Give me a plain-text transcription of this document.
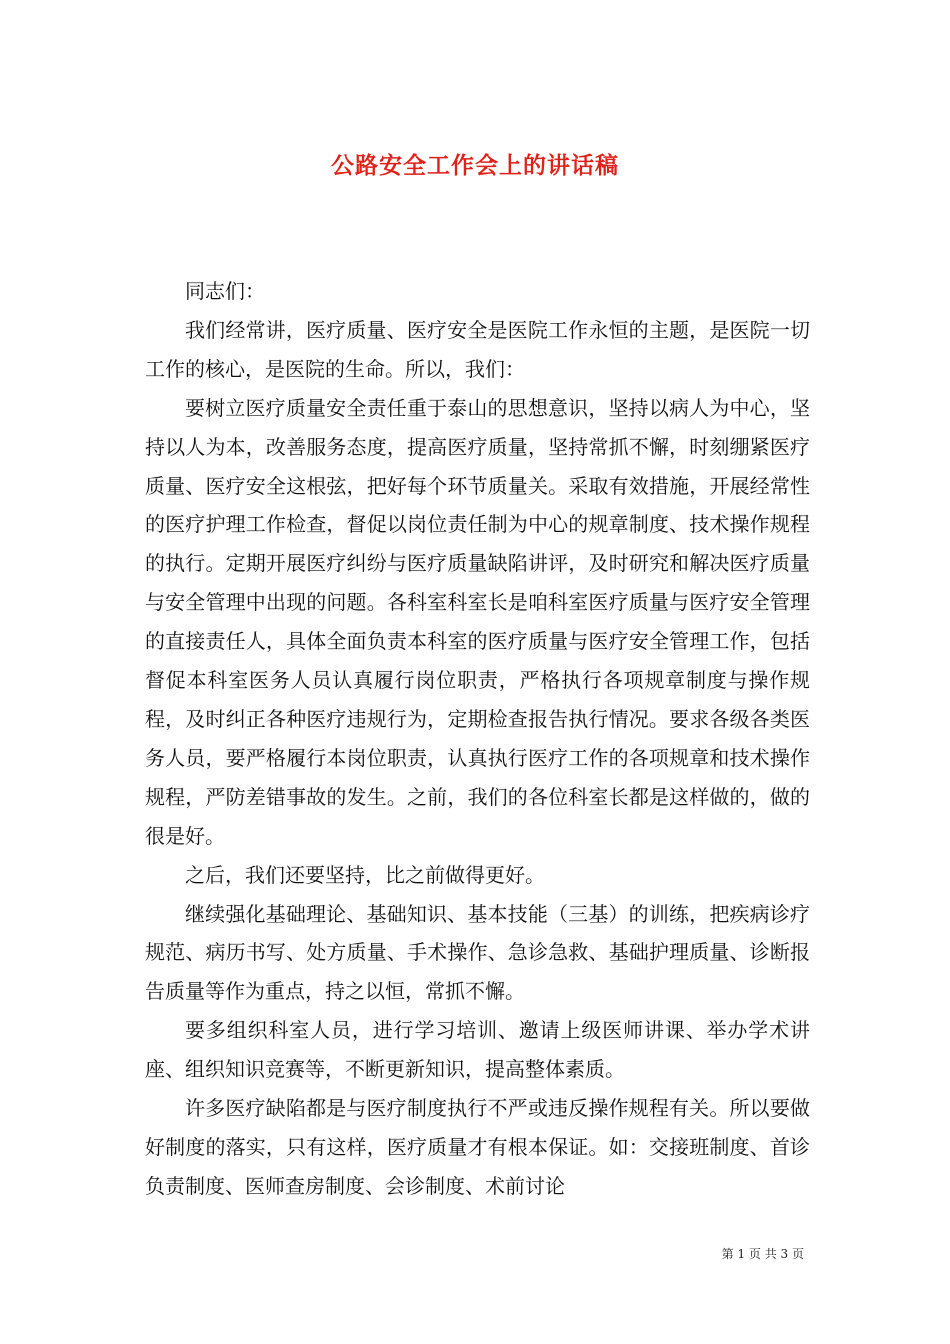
公路安全工作会上的讲话稿

同志们：

我们经常讲，医疗质量、医疗安全是医院工作永恒的主题，是医院一切工作的核心，是医院的生命。所以，我们：

要树立医疗质量安全责任重于泰山的思想意识，坚持以病人为中心，坚持以人为本，改善服务态度，提高医疗质量，坚持常抓不懈，时刻绷紧医疗质量、医疗安全这根弦，把好每个环节质量关。采取有效措施，开展经常性的医疗护理工作检查，督促以岗位责任制为中心的规章制度、技术操作规程的执行。定期开展医疗纠纷与医疗质量缺陷讲评，及时研究和解决医疗质量与安全管理中出现的问题。各科室科室长是咱科室医疗质量与医疗安全管理的直接责任人，具体全面负责本科室的医疗质量与医疗安全管理工作，包括督促本科室医务人员认真履行岗位职责，严格执行各项规章制度与操作规程，及时纠正各种医疗违规行为，定期检查报告执行情况。要求各级各类医务人员，要严格履行本岗位职责，认真执行医疗工作的各项规章和技术操作规程，严防差错事故的发生。之前，我们的各位科室长都是这样做的，做的很是好。

之后，我们还要坚持，比之前做得更好。

继续强化基础理论、基础知识、基本技能（三基）的训练，把疾病诊疗规范、病历书写、处方质量、手术操作、急诊急救、基础护理质量、诊断报告质量等作为重点，持之以恒，常抓不懈。

要多组织科室人员，进行学习培训、邀请上级医师讲课、举办学术讲座、组织知识竞赛等，不断更新知识，提高整体素质。

许多医疗缺陷都是与医疗制度执行不严或违反操作规程有关。所以要做好制度的落实，只有这样，医疗质量才有根本保证。如：交接班制度、首诊负责制度、医师查房制度、会诊制度、术前讨论

第 1 页 共 3 页
